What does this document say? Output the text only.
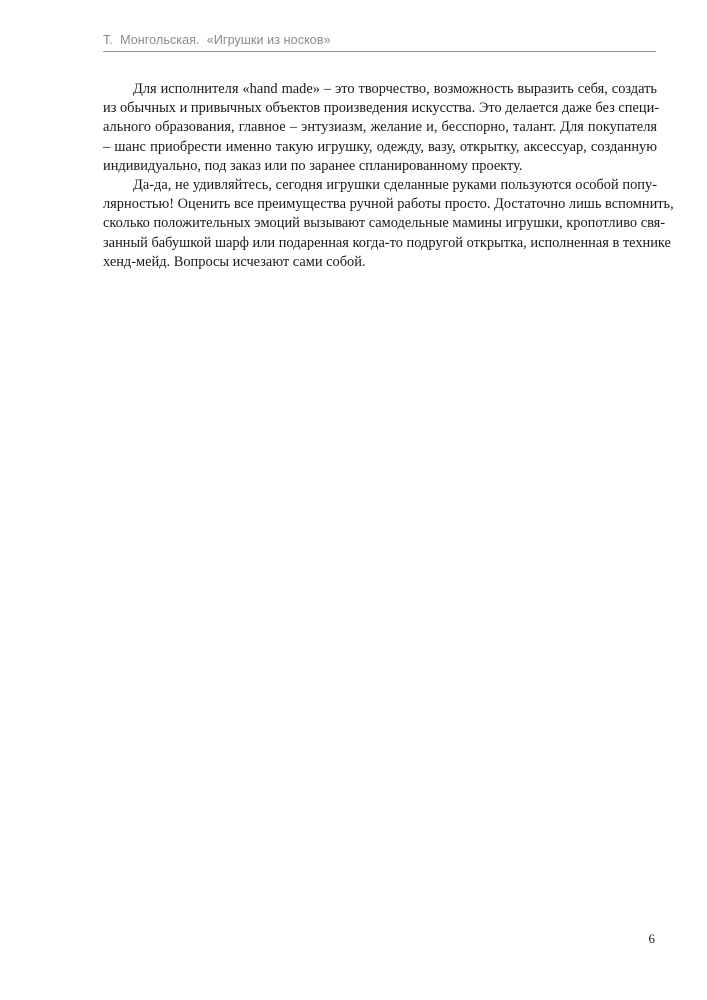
Т.  Монгольская.  «Игрушки из носков»
Для исполнителя «hand made» – это творчество, возможность выразить себя, создать
из обычных и привычных объектов произведения искусства. Это делается даже без специ-
ального образования, главное – энтузиазм, желание и, бесспорно, талант. Для покупателя
– шанс приобрести именно такую игрушку, одежду, вазу, открытку, аксессуар, созданную
индивидуально, под заказ или по заранее спланированному проекту.
Да-да, не удивляйтесь, сегодня игрушки сделанные руками пользуются особой попу-
лярностью! Оценить все преимущества ручной работы просто. Достаточно лишь вспомнить,
сколько положительных эмоций вызывают самодельные мамины игрушки, кропотливо свя-
занный бабушкой шарф или подаренная когда-то подругой открытка, исполненная в технике
хенд-мейд. Вопросы исчезают сами собой.
6
